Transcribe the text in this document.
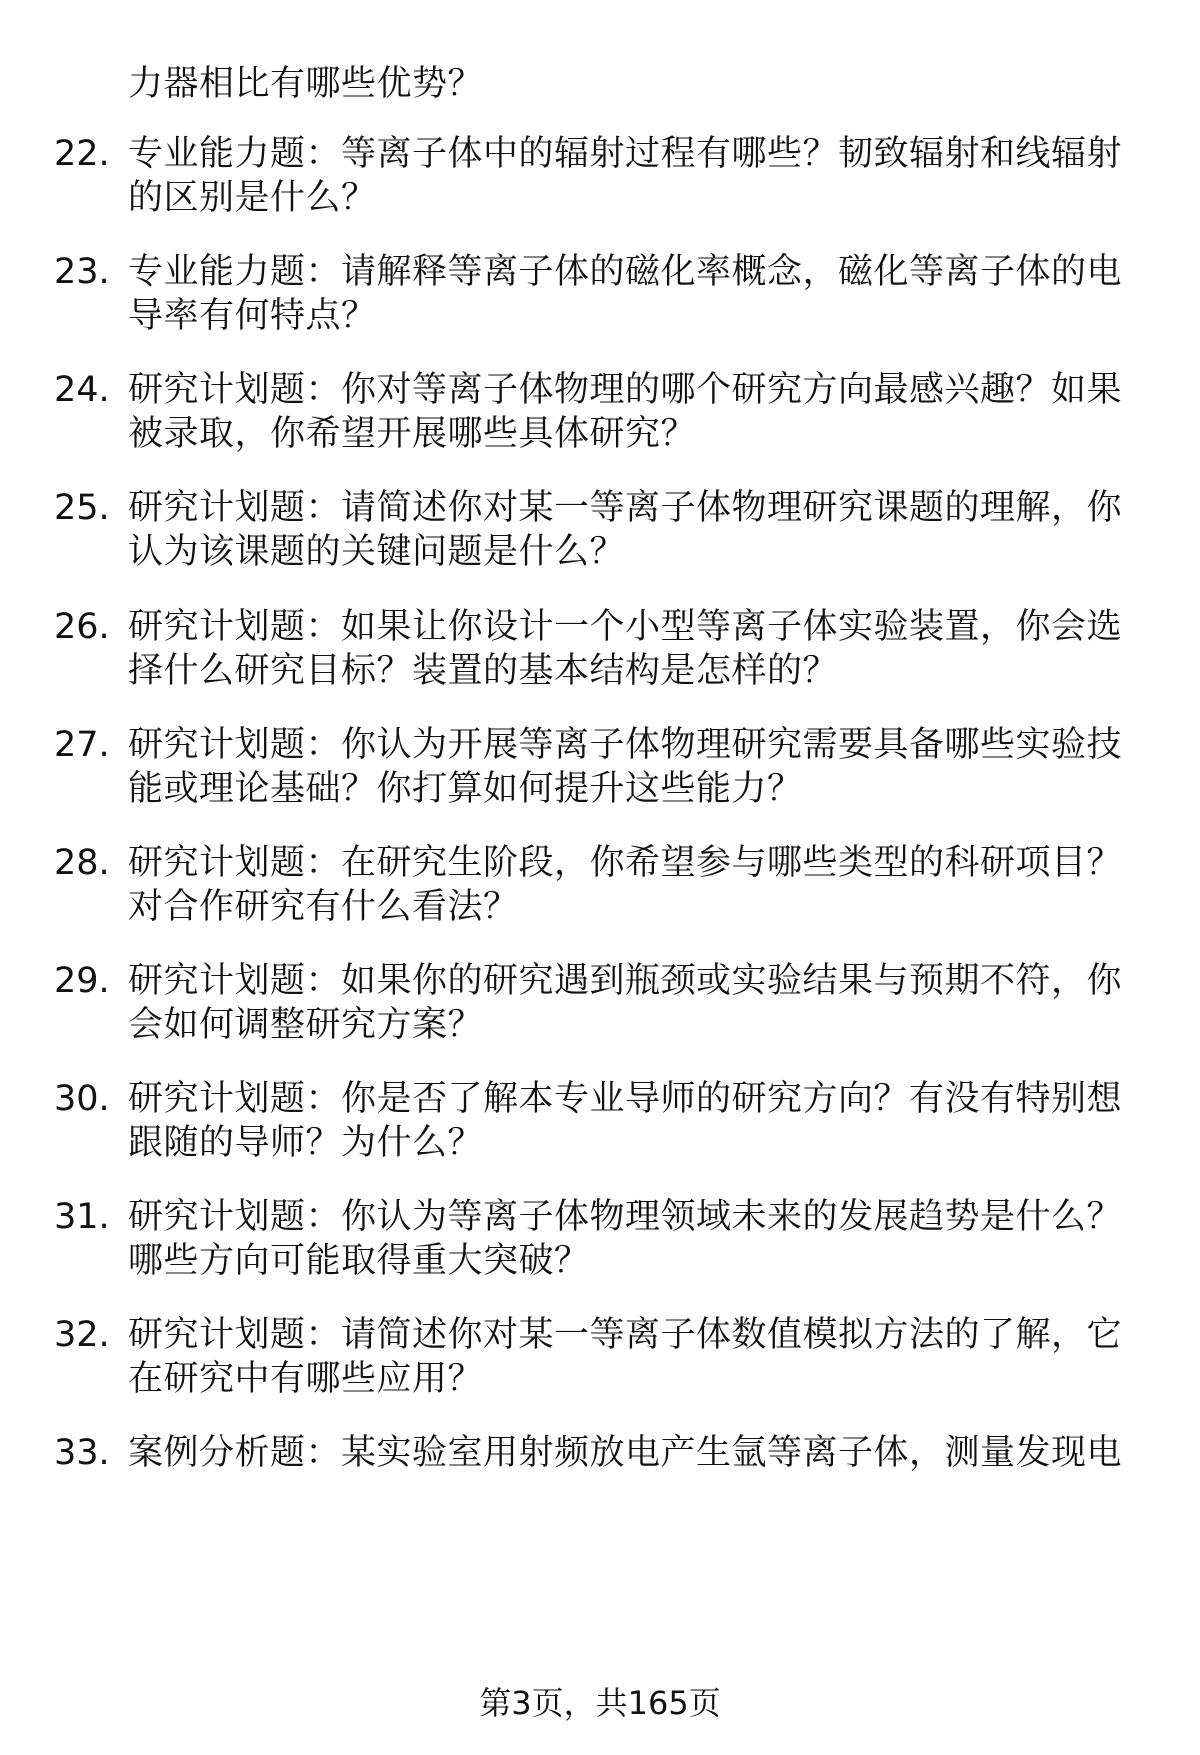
力器相比有哪些优势？
22. 专业能力题：等离子体中的辐射过程有哪些？韧致辐射和线辐射
的区别是什么？
23. 专业能力题：请解释等离子体的磁化率概念，磁化等离子体的电
导率有何特点？
24. 研究计划题：你对等离子体物理的哪个研究方向最感兴趣？如果
被录取，你希望开展哪些具体研究？
25. 研究计划题：请简述你对某一等离子体物理研究课题的理解，你
认为该课题的关键问题是什么？
26. 研究计划题：如果让你设计一个小型等离子体实验装置，你会选
择什么研究目标？装置的基本结构是怎样的？
27. 研究计划题：你认为开展等离子体物理研究需要具备哪些实验技
能或理论基础？你打算如何提升这些能力？
28. 研究计划题：在研究生阶段，你希望参与哪些类型的科研项目？
对合作研究有什么看法？
29. 研究计划题：如果你的研究遇到瓶颈或实验结果与预期不符，你
会如何调整研究方案？
30. 研究计划题：你是否了解本专业导师的研究方向？有没有特别想
跟随的导师？为什么？
31. 研究计划题：你认为等离子体物理领域未来的发展趋势是什么？
哪些方向可能取得重大突破？
32. 研究计划题：请简述你对某一等离子体数值模拟方法的了解，它
在研究中有哪些应用？
33. 案例分析题：某实验室用射频放电产生氩等离子体，测量发现电
第3页，共165页
